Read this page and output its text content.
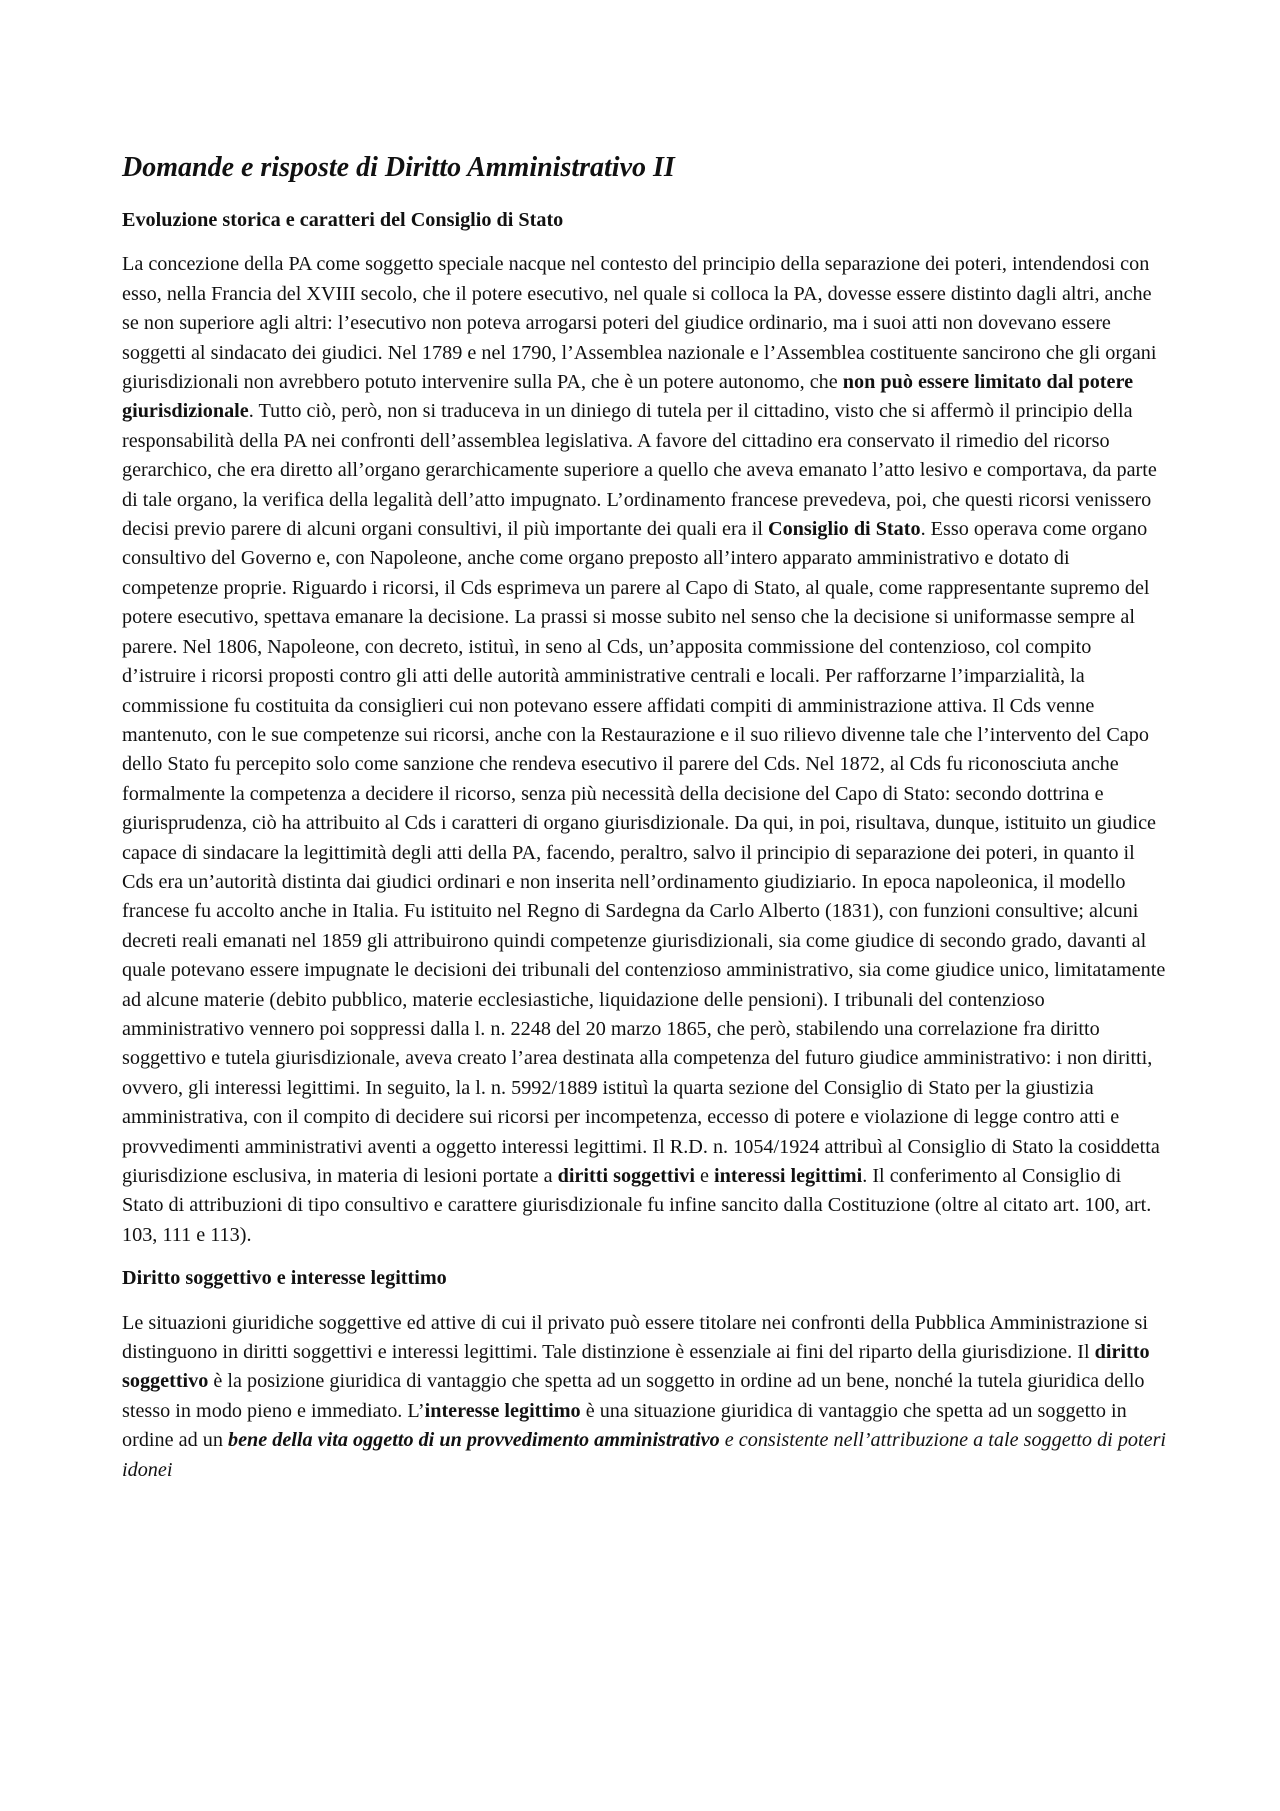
Domande e risposte di Diritto Amministrativo II
Evoluzione storica e caratteri del Consiglio di Stato

La concezione della PA come soggetto speciale nacque nel contesto del principio della separazione dei poteri, intendendosi con esso, nella Francia del XVIII secolo, che il potere esecutivo, nel quale si colloca la PA, dovesse essere distinto dagli altri, anche se non superiore agli altri: l’esecutivo non poteva arrogarsi poteri del giudice ordinario, ma i suoi atti non dovevano essere soggetti al sindacato dei giudici. Nel 1789 e nel 1790, l’Assemblea nazionale e l’Assemblea costituente sancirono che gli organi giurisdizionali non avrebbero potuto intervenire sulla PA, che è un potere autonomo, che non può essere limitato dal potere giurisdizionale. Tutto ciò, però, non si traduceva in un diniego di tutela per il cittadino, visto che si affermò il principio della responsabilità della PA nei confronti dell’assemblea legislativa. A favore del cittadino era conservato il rimedio del ricorso gerarchico, che era diretto all’organo gerarchicamente superiore a quello che aveva emanato l’atto lesivo e comportava, da parte di tale organo, la verifica della legalità dell’atto impugnato. L’ordinamento francese prevedeva, poi, che questi ricorsi venissero decisi previo parere di alcuni organi consultivi, il più importante dei quali era il Consiglio di Stato. Esso operava come organo consultivo del Governo e, con Napoleone, anche come organo preposto all’intero apparato amministrativo e dotato di competenze proprie. Riguardo i ricorsi, il Cds esprimeva un parere al Capo di Stato, al quale, come rappresentante supremo del potere esecutivo, spettava emanare la decisione. La prassi si mosse subito nel senso che la decisione si uniformasse sempre al parere. Nel 1806, Napoleone, con decreto, istituì, in seno al Cds, un’apposita commissione del contenzioso, col compito d’istruire i ricorsi proposti contro gli atti delle autorità amministrative centrali e locali. Per rafforzarne l’imparzialità, la commissione fu costituita da consiglieri cui non potevano essere affidati compiti di amministrazione attiva. Il Cds venne mantenuto, con le sue competenze sui ricorsi, anche con la Restaurazione e il suo rilievo divenne tale che l’intervento del Capo dello Stato fu percepito solo come sanzione che rendeva esecutivo il parere del Cds. Nel 1872, al Cds fu riconosciuta anche formalmente la competenza a decidere il ricorso, senza più necessità della decisione del Capo di Stato: secondo dottrina e giurisprudenza, ciò ha attribuito al Cds i caratteri di organo giurisdizionale. Da qui, in poi, risultava, dunque, istituito un giudice capace di sindacare la legittimità degli atti della PA, facendo, peraltro, salvo il principio di separazione dei poteri, in quanto il Cds era un’autorità distinta dai giudici ordinari e non inserita nell’ordinamento giudiziario. In epoca napoleonica, il modello francese fu accolto anche in Italia. Fu istituito nel Regno di Sardegna da Carlo Alberto (1831), con funzioni consultive; alcuni decreti reali emanati nel 1859 gli attribuirono quindi competenze giurisdizionali, sia come giudice di secondo grado, davanti al quale potevano essere impugnate le decisioni dei tribunali del contenzioso amministrativo, sia come giudice unico, limitatamente ad alcune materie (debito pubblico, materie ecclesiastiche, liquidazione delle pensioni). I tribunali del contenzioso amministrativo vennero poi soppressi dalla l. n. 2248 del 20 marzo 1865, che però, stabilendo una correlazione fra diritto soggettivo e tutela giurisdizionale, aveva creato l’area destinata alla competenza del futuro giudice amministrativo: i non diritti, ovvero, gli interessi legittimi. In seguito, la l. n. 5992/1889 istituì la quarta sezione del Consiglio di Stato per la giustizia amministrativa, con il compito di decidere sui ricorsi per incompetenza, eccesso di potere e violazione di legge contro atti e provvedimenti amministrativi aventi a oggetto interessi legittimi. Il R.D. n. 1054/1924 attribuì al Consiglio di Stato la cosiddetta giurisdizione esclusiva, in materia di lesioni portate a diritti soggettivi e interessi legittimi. Il conferimento al Consiglio di Stato di attribuzioni di tipo consultivo e carattere giurisdizionale fu infine sancito dalla Costituzione (oltre al citato art. 100, art. 103, 111 e 113).

Diritto soggettivo e interesse legittimo

Le situazioni giuridiche soggettive ed attive di cui il privato può essere titolare nei confronti della Pubblica Amministrazione si distinguono in diritti soggettivi e interessi legittimi. Tale distinzione è essenziale ai fini del riparto della giurisdizione. Il diritto soggettivo è la posizione giuridica di vantaggio che spetta ad un soggetto in ordine ad un bene, nonché la tutela giuridica dello stesso in modo pieno e immediato. L’interesse legittimo è una situazione giuridica di vantaggio che spetta ad un soggetto in ordine ad un bene della vita oggetto di un provvedimento amministrativo e consistente nell’attribuzione a tale soggetto di poteri idonei
